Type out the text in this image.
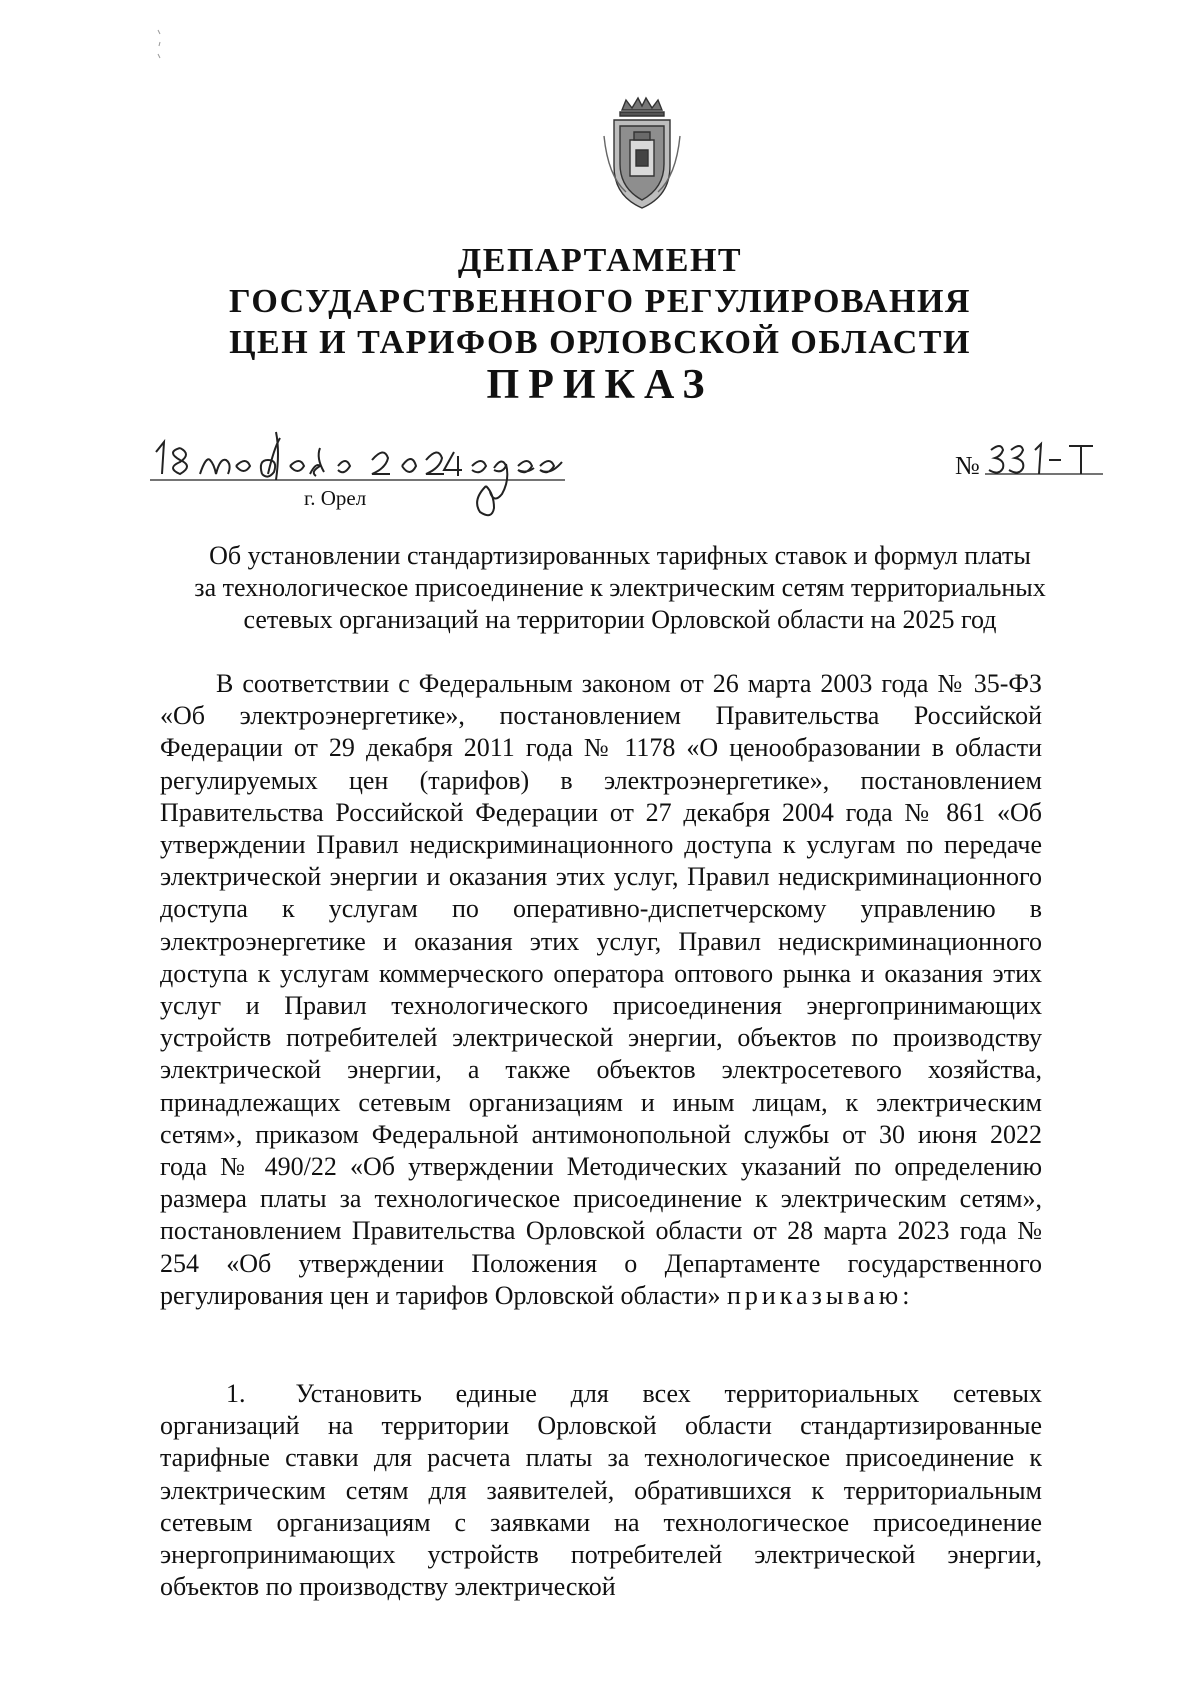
ДЕПАРТАМЕНТ
ГОСУДАРСТВЕННОГО РЕГУЛИРОВАНИЯ
ЦЕН И ТАРИФОВ ОРЛОВСКОЙ ОБЛАСТИ
ПРИКАЗ
г. Орел
№
Об установлении стандартизированных тарифных ставок и формул платы
за технологическое присоединение к электрическим сетям территориальных
сетевых организаций на территории Орловской области на 2025 год
В соответствии с Федеральным законом от 26 марта 2003 года № 35-ФЗ «Об электроэнергетике», постановлением Правительства Российской Федерации от 29 декабря 2011 года № 1178 «О ценообразовании в области регулируемых цен (тарифов) в электроэнергетике», постановлением Правительства Российской Федерации от 27 декабря 2004 года № 861 «Об утверждении Правил недискриминационного доступа к услугам по передаче электрической энергии и оказания этих услуг, Правил недискриминационного доступа к услугам по оперативно-диспетчерскому управлению в электроэнергетике и оказания этих услуг, Правил недискриминационного доступа к услугам коммерческого оператора оптового рынка и оказания этих услуг и Правил технологического присоединения энергопринимающих устройств потребителей электрической энергии, объектов по производству электрической энергии, а также объектов электросетевого хозяйства, принадлежащих сетевым организациям и иным лицам, к электрическим сетям», приказом Федеральной антимонопольной службы от 30 июня 2022 года № 490/22 «Об утверждении Методических указаний по определению размера платы за технологическое присоединение к электрическим сетям», постановлением Правительства Орловской области от 28 марта 2023 года № 254 «Об утверждении Положения о Департаменте государственного регулирования цен и тарифов Орловской области» приказываю:
1. Установить единые для всех территориальных сетевых организаций на территории Орловской области стандартизированные тарифные ставки для расчета платы за технологическое присоединение к электрическим сетям для заявителей, обратившихся к территориальным сетевым организациям с заявками на технологическое присоединение энергопринимающих устройств потребителей электрической энергии, объектов по производству электрической
